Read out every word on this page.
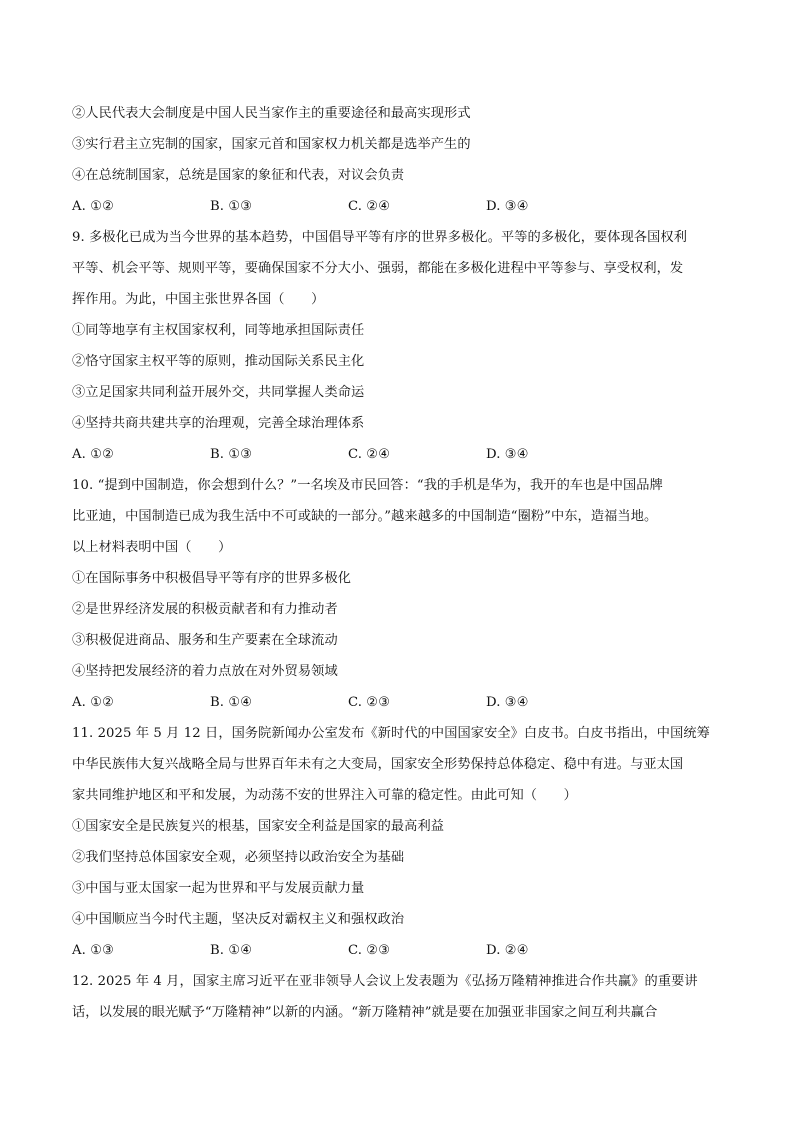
②人民代表大会制度是中国人民当家作主的重要途径和最高实现形式
③实行君主立宪制的国家，国家元首和国家权力机关都是选举产生的
④在总统制国家，总统是国家的象征和代表，对议会负责
A. ①②	B. ①③	C. ②④	D. ③④
9. 多极化已成为当今世界的基本趋势，中国倡导平等有序的世界多极化。平等的多极化，要体现各国权利
平等、机会平等、规则平等，要确保国家不分大小、强弱，都能在多极化进程中平等参与、享受权利，发
挥作用。为此，中国主张世界各国（　　）
①同等地享有主权国家权利，同等地承担国际责任
②恪守国家主权平等的原则，推动国际关系民主化
③立足国家共同利益开展外交，共同掌握人类命运
④坚持共商共建共享的治理观，完善全球治理体系
A. ①②	B. ①③	C. ②④	D. ③④
10. “提到中国制造，你会想到什么？”一名埃及市民回答：“我的手机是华为，我开的车也是中国品牌
比亚迪，中国制造已成为我生活中不可或缺的一部分。”越来越多的中国制造“圈粉”中东，造福当地。
以上材料表明中国（　　）
①在国际事务中积极倡导平等有序的世界多极化
②是世界经济发展的积极贡献者和有力推动者
③积极促进商品、服务和生产要素在全球流动
④坚持把发展经济的着力点放在对外贸易领域
A. ①②	B. ①④	C. ②③	D. ③④
11. 2025 年 5 月 12 日，国务院新闻办公室发布《新时代的中国国家安全》白皮书。白皮书指出，中国统筹
中华民族伟大复兴战略全局与世界百年未有之大变局，国家安全形势保持总体稳定、稳中有进。与亚太国
家共同维护地区和平和发展，为动荡不安的世界注入可靠的稳定性。由此可知（　　）
①国家安全是民族复兴的根基，国家安全利益是国家的最高利益
②我们坚持总体国家安全观，必须坚持以政治安全为基础
③中国与亚太国家一起为世界和平与发展贡献力量
④中国顺应当今时代主题，坚决反对霸权主义和强权政治
A. ①③	B. ①④	C. ②③	D. ②④
12. 2025 年 4 月，国家主席习近平在亚非领导人会议上发表题为《弘扬万隆精神推进合作共赢》的重要讲
话，以发展的眼光赋予“万隆精神”以新的内涵。“新万隆精神”就是要在加强亚非国家之间互利共赢合
